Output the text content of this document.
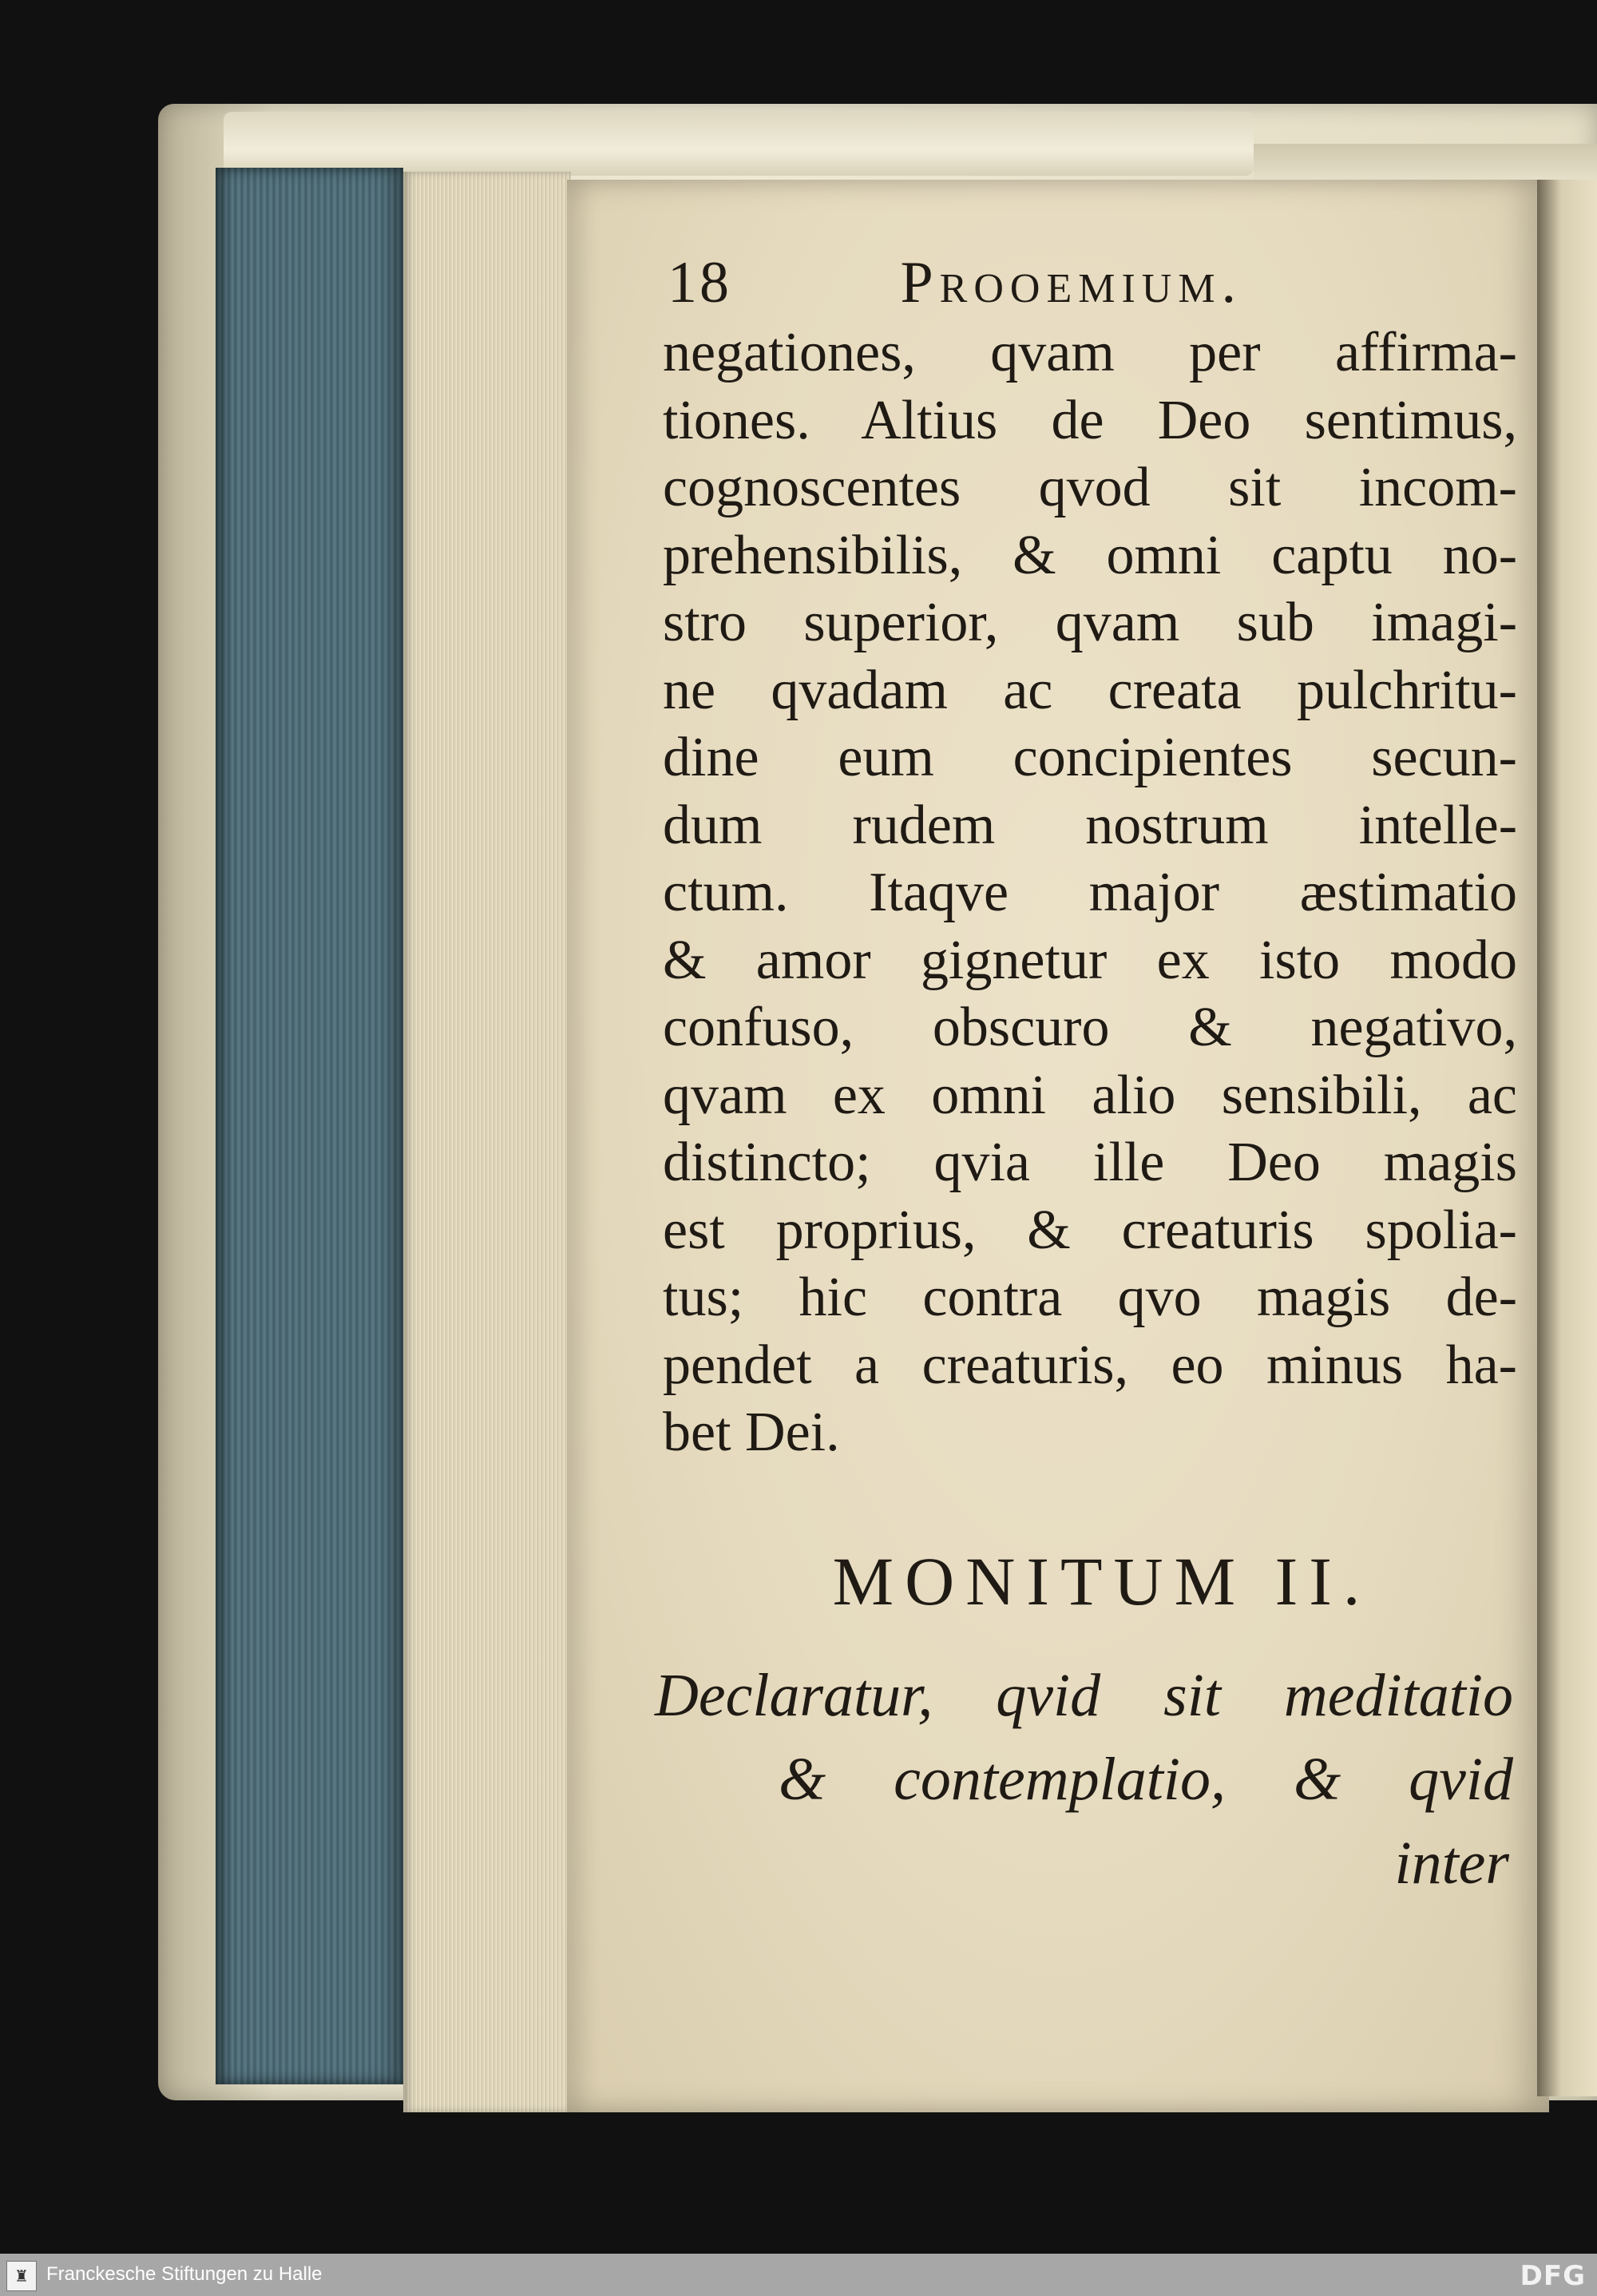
18	Prooemium.
negationes, qvam per affirma-
tiones. Altius de Deo sentimus,
cognoscentes qvod sit incom-
prehensibilis, & omni captu no-
stro superior, qvam sub imagi-
ne qvadam ac creata pulchritu-
dine eum concipientes secun-
dum rudem nostrum intelle-
ctum. Itaqve major æstimatio
& amor gignetur ex isto modo
confuso, obscuro & negativo,
qvam ex omni alio sensibili, ac
distincto; qvia ille Deo magis
est proprius, & creaturis spolia-
tus; hic contra qvo magis de-
pendet a creaturis, eo minus ha-
bet Dei.
MONITUM II.
Declaratur, qvid sit meditatio
& contemplatio, & qvid
inter
♜ Franckesche Stiftungen zu Halle	DFG
